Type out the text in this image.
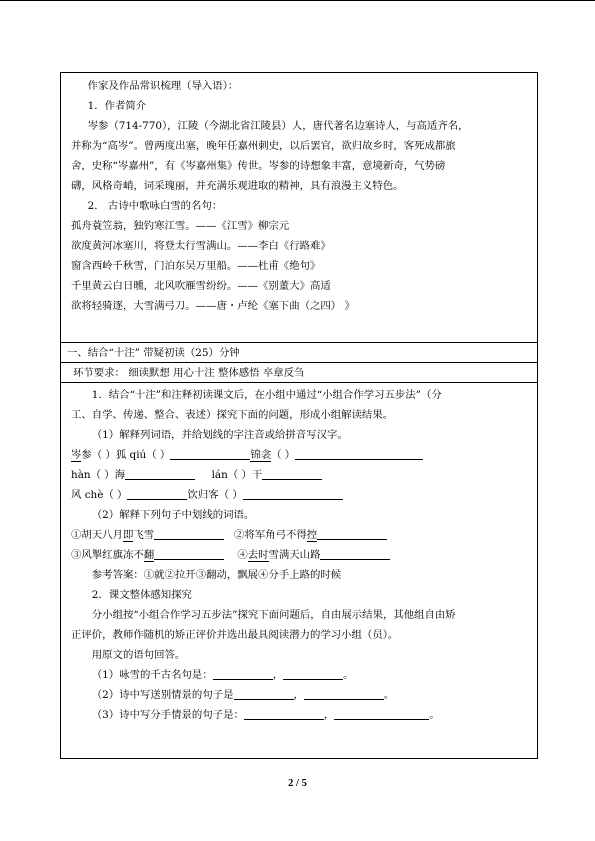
作家及作品常识梳理（导入语）：
1．作者简介
岑参（714-770），江陵（今湖北省江陵县）人，唐代著名边塞诗人，与高适齐名，
并称为“高岑”。曾两度出塞，晚年任嘉州刺史，以后罢官，欲归故乡时，客死成都旅
舍，史称“岑嘉州”，有《岑嘉州集》传世。岑参的诗想象丰富，意境新奇，气势磅
礴，风格奇峭，词采瑰丽，并充满乐观进取的精神，具有浪漫主义特色。
2． 古诗中歌咏白雪的名句：
孤舟蓑笠翁，独钓寒江雪。——《江雪》柳宗元
欲度黄河冰塞川，将登太行雪满山。——李白《行路难》
窗含西岭千秋雪，门泊东吴万里船。——杜甫《绝句》
千里黄云白日曛，北风吹雁雪纷纷。——《别董大》高适
欲将轻骑逐，大雪满弓刀。——唐・卢纶《塞下曲（之四） 》
一、结合“十注” 带疑初读（25）分钟
环节要求： 细读默想 用心十注 整体感悟 卒章反刍
1．结合“十注”和注释初读课文后，在小组中通过“小组合作学习五步法”（分
工、自学、传递、整合、表述）探究下面的问题，形成小组解读结果。
（1）解释列词语，并给划线的字注音或给拼音写汉字。
岑参（ ）狐 qiú（ ）	锦衾（ ）
hàn（ ）海	lán（ ）干
风 chè（ ）	饮归客（ ）
（2）解释下列句子中划线的词语。
①胡天八月即飞雪	②将军角弓不得控
③风掣红旗冻不翻	④去时雪满天山路
参考答案：①就②拉开③翻动，飘展④分手上路的时候
2．课文整体感知探究
分小组按“小组合作学习五步法”探究下面问题后，自由展示结果，其他组自由矫
正评价，教师作随机的矫正评价并选出最具阅读潜力的学习小组（员）。
用原文的语句回答。
（1）咏雪的千古名句是：	，	。
（2）诗中写送别情景的句子是	，	。
（3）诗中写分手情景的句子是：	，	。
2 / 5
